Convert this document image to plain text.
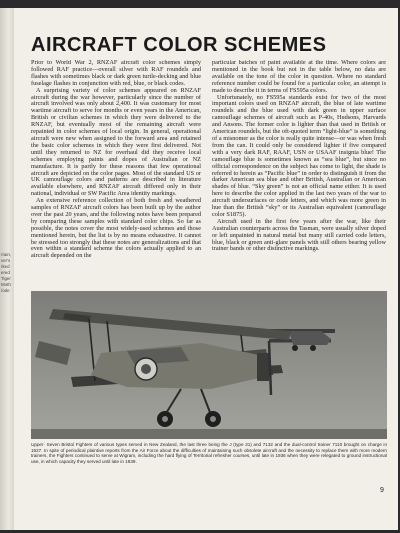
rrain,
ver's
rked
ered
Tiger
Moth
/ode
AIRCRAFT COLOR SCHEMES

Prior to World War 2, RNZAF aircraft color schemes simply followed RAF practice—overall silver with RAF roundels and flashes with sometimes black or dark green turtle-decking and blue fuselage flashes in conjunction with red, blue, or black codes.

A surprising variety of color schemes appeared on RNZAF aircraft during the war however, particularly since the number of aircraft involved was only about 2,400. It was customary for most wartime aircraft to serve for months or even years in the American, British or civilian schemes in which they were delivered to the RNZAF, but eventually most of the remaining aircraft were repainted in color schemes of local origin. In general, operational aircraft were new when assigned to the forward area and retained the basic color schemes in which they were first delivered. Not until they returned to NZ for overhaul did they receive local schemes employing paints and dopes of Australian or NZ manufacture. It is partly for these reasons that few operational aircraft are depicted on the color pages. Most of the standard US or UK camouflage colors and patterns are described in literature available elsewhere, and RNZAF aircraft differed only in their national, individual or SW Pacific Area identity markings.

An extensive reference collection of both fresh and weathered samples of RNZAF aircraft colors has been built up by the author over the past 20 years, and the following notes have been prepared by comparing these samples with standard color chips. So far as possible, the notes cover the most widely-used schemes and those mentioned herein, but the list is by no means exhaustive. It cannot be stressed too strongly that these notes are generalizations and that even within a standard scheme the colors actually applied to an aircraft depended on the

particular batches of paint available at the time. Where colors are mentioned in the book but not in the table below, no data are available on the tone of the color in question. Where no standard reference number could be found for a particular color, an attempt is made to describe it in terms of FS595a colors.

Unfortunately, no FS595a standards exist for two of the most important colors used on RNZAF aircraft, the blue of late wartime roundels and the blue used with dark green in upper surface camouflage schemes of aircraft such as P-40s, Hudsons, Harvards and Ansons. The former color is lighter than that used in British or American roundels, but the oft-quoted term “light-blue” is something of a misnomer as the color is really quite intense—or was when fresh from the can. It could only be considered lighter if five compared with a very dark RAF, RAAF, USN or USAAF insignia blue! The camouflage blue is sometimes known as “sea blue”, but since no official correspondence on the subject has come to light, the shade is referred to herein as “Pacific blue” in order to distinguish it from the darker American sea blue and other British, Australian or American shades of blue. “Sky green” is not an official name either. It is used here to describe the color applied in the last two years of the war to aircraft undersurfaces or code letters, and which was more green in hue than the British “sky” or its Australian equivalent (camouflage color S1875).

Aircraft used in the first few years after the war, like their Australian counterparts across the Tasman, were usually silver doped or left unpainted in natural metal but many still carried code letters, blue, black or green anti-glare panels with still others bearing yellow trainer bands or other distinctive markings.

Upper· Seven Bristol Fighters of various types served in New Zealand, the last three being the J (type 31) and 7132 and the dual-control trainer 7110 brought on charge in 1927. In spite of periodical plaintive reports from the Air Force about the difficulties of maintaining such obsolete aircraft and the necessity to replace them with more modern trainers, the Fighters continued to serve at Wigram, including the hard flying of Territorial refresher courses, until late in 1936 when they were relegated to ground instructional use, in which capacity they served until late in 1939.
9
